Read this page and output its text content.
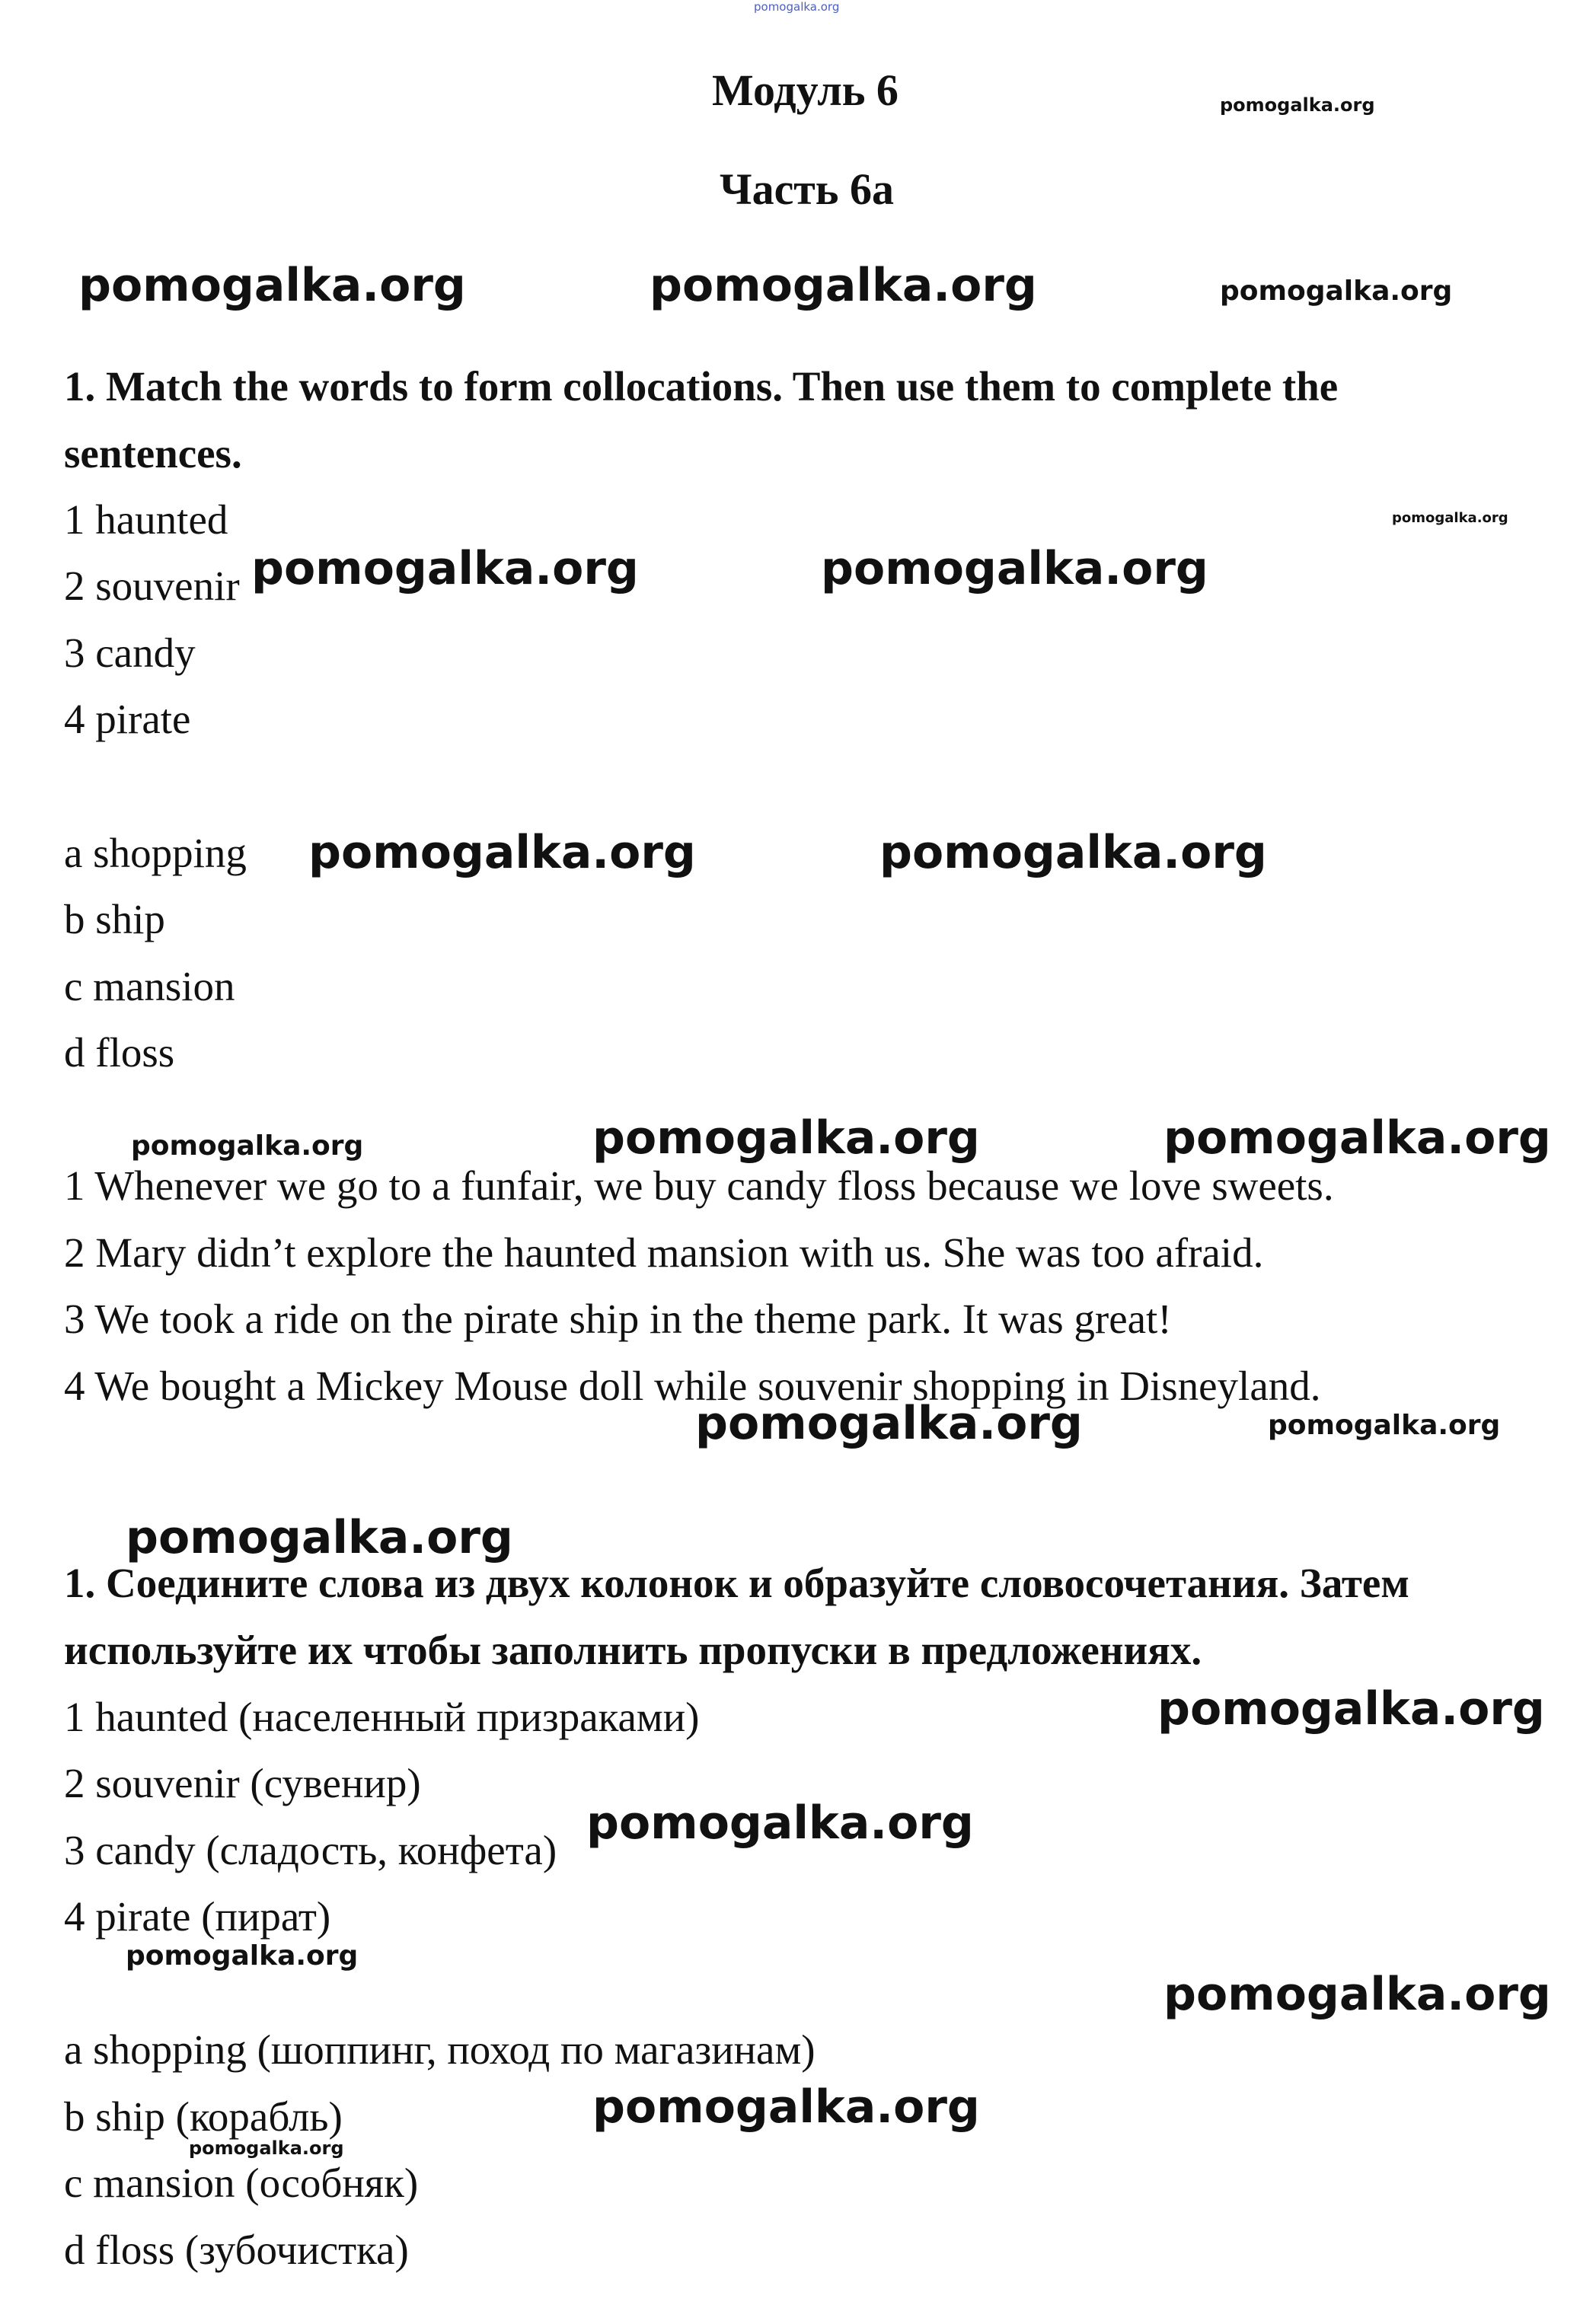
pomogalka.org
Модуль 6
Часть 6а
pomogalka.org
pomogalka.org	pomogalka.org	pomogalka.org
1. Match the words to form collocations. Then use them to complete the
sentences.
1 haunted
2 souvenir
3 candy
4 pirate
pomogalka.org
pomogalka.org	pomogalka.org
a shopping
b ship
c mansion
d floss
pomogalka.org	pomogalka.org
pomogalka.org	pomogalka.org	pomogalka.org
1 Whenever we go to a funfair, we buy candy floss because we love sweets.
2 Mary didn’t explore the haunted mansion with us. She was too afraid.
3 We took a ride on the pirate ship in the theme park. It was great!
4 We bought a Mickey Mouse doll while souvenir shopping in Disneyland.
pomogalka.org	pomogalka.org
pomogalka.org
1. Соедините слова из двух колонок и образуйте словосочетания. Затем
используйте их чтобы заполнить пропуски в предложениях.
1 haunted (населенный призраками)
2 souvenir (сувенир)
3 candy (сладость, конфета)
4 pirate (пират)
pomogalka.org
pomogalka.org
pomogalka.org
pomogalka.org
a shopping (шоппинг, поход по магазинам)
b ship (корабль)
c mansion (особняк)
d floss (зубочистка)
pomogalka.org
pomogalka.org
